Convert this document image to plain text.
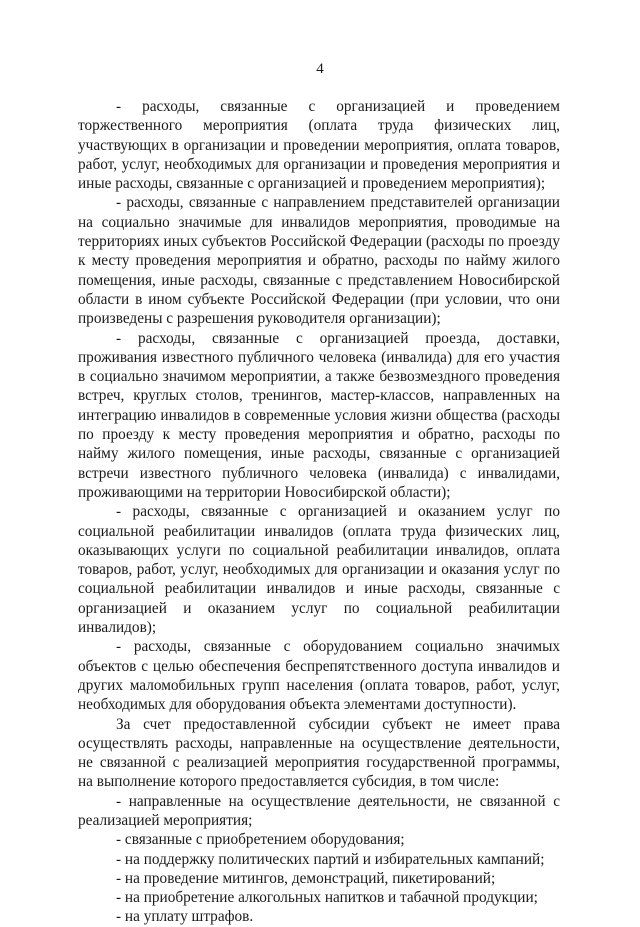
4

- расходы, связанные с организацией и проведением торжественного мероприятия (оплата труда физических лиц, участвующих в организации и проведении мероприятия, оплата товаров, работ, услуг, необходимых для организации и проведения мероприятия и иные расходы, связанные с организацией и проведением мероприятия);

- расходы, связанные с направлением представителей организации на социально значимые для инвалидов мероприятия, проводимые на территориях иных субъектов Российской Федерации (расходы по проезду к месту проведения мероприятия и обратно, расходы по найму жилого помещения, иные расходы, связанные с представлением Новосибирской области в ином субъекте Российской Федерации (при условии, что они произведены с разрешения руководителя организации);

- расходы, связанные с организацией проезда, доставки, проживания известного публичного человека (инвалида) для его участия в социально значимом мероприятии, а также безвозмездного проведения встреч, круглых столов, тренингов, мастер-классов, направленных на интеграцию инвалидов в современные условия жизни общества (расходы по проезду к месту проведения мероприятия и обратно, расходы по найму жилого помещения, иные расходы, связанные с организацией встречи известного публичного человека (инвалида) с инвалидами, проживающими на территории Новосибирской области);

- расходы, связанные с организацией и оказанием услуг по социальной реабилитации инвалидов (оплата труда физических лиц, оказывающих услуги по социальной реабилитации инвалидов, оплата товаров, работ, услуг, необходимых для организации и оказания услуг по социальной реабилитации инвалидов и иные расходы, связанные с организацией и оказанием услуг по социальной реабилитации инвалидов);

- расходы, связанные с оборудованием социально значимых объектов с целью обеспечения беспрепятственного доступа инвалидов и других маломобильных групп населения (оплата товаров, работ, услуг, необходимых для оборудования объекта элементами доступности).

За счет предоставленной субсидии субъект не имеет права осуществлять расходы, направленные на осуществление деятельности, не связанной с реализацией мероприятия государственной программы, на выполнение которого предоставляется субсидия, в том числе:

- направленные на осуществление деятельности, не связанной с реализацией мероприятия;

- связанные с приобретением оборудования;

- на поддержку политических партий и избирательных кампаний;

- на проведение митингов, демонстраций, пикетирований;

- на приобретение алкогольных напитков и табачной продукции;

- на уплату штрафов.
